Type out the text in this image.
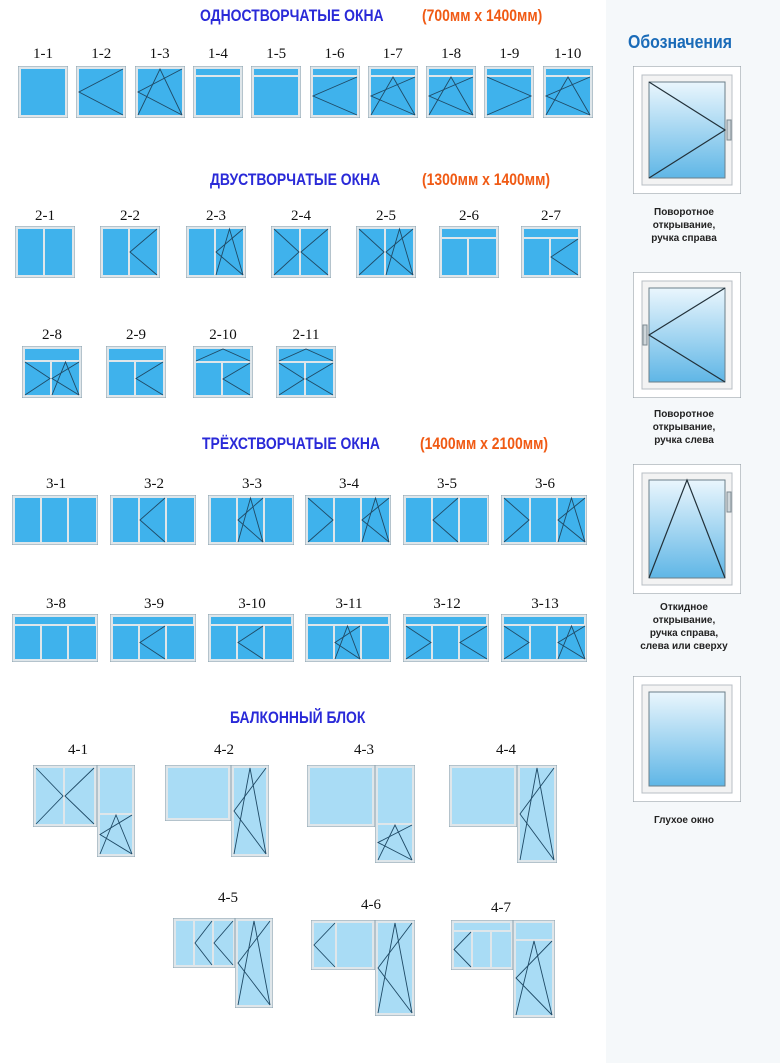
ОДНОСТВОРЧАТЫЕ ОКНА (700мм х 1400мм)
ДВУСТВОРЧАТЫЕ ОКНА (1300мм х 1400мм)
ТРЁХСТВОРЧАТЫЕ ОКНА (1400мм х 2100мм)
БАЛКОННЫЙ БЛОК
Обозначения
Поворотное
открывание,
ручка справа
Поворотное
открывание,
ручка слева
Откидное
открывание,
ручка справа,
слева или сверху
Глухое окно
1-1	1-2	1-3	1-4	1-5	1-6	1-7	1-8	1-9 1-10
2-1	2-2	2-3	2-4	2-5	2-6	2-7
2-8	2-9	2-10	2-11
3-1	3-2	3-3	3-4	3-5	3-6
3-8	3-9	3-10	3-11	3-12	3-13
4-1	4-2	4-3	4-4
4-5	4-6	4-7
